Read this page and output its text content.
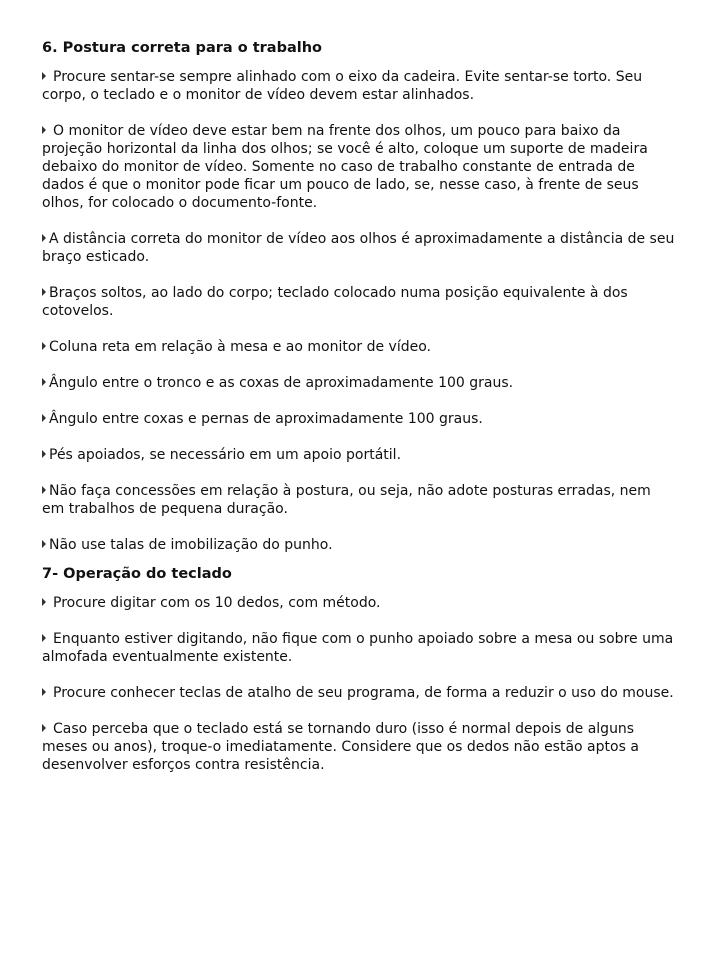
6. Postura correta para o trabalho
Procure sentar-se sempre alinhado com o eixo da cadeira. Evite sentar-se torto. Seu corpo, o teclado e o monitor de vídeo devem estar alinhados.
O monitor de vídeo deve estar bem na frente dos olhos, um pouco para baixo da projeção horizontal da linha dos olhos; se você é alto, coloque um suporte de madeira debaixo do monitor de vídeo. Somente no caso de trabalho constante de entrada de dados é que o monitor pode ficar um pouco de lado, se, nesse caso, à frente de seus olhos, for colocado o documento-fonte.
A distância correta do monitor de vídeo aos olhos é aproximadamente a distância de seu braço esticado.
Braços soltos, ao lado do corpo; teclado colocado numa posição equivalente à dos cotovelos.
Coluna reta em relação à mesa e ao monitor de vídeo.
Ângulo entre o tronco e as coxas de aproximadamente 100 graus.
Ângulo entre coxas e pernas de aproximadamente 100 graus.
Pés apoiados, se necessário em um apoio portátil.
Não faça concessões em relação à postura, ou seja, não adote posturas erradas, nem em trabalhos de pequena duração.
Não use talas de imobilização do punho.
7- Operação do teclado
Procure digitar com os 10 dedos, com método.
Enquanto estiver digitando, não fique com o punho apoiado sobre a mesa ou sobre uma almofada eventualmente existente.
Procure conhecer teclas de atalho de seu programa, de forma a reduzir o uso do mouse.
Caso perceba que o teclado está se tornando duro (isso é normal depois de alguns meses ou anos), troque-o imediatamente. Considere que os dedos não estão aptos a desenvolver esforços contra resistência.
